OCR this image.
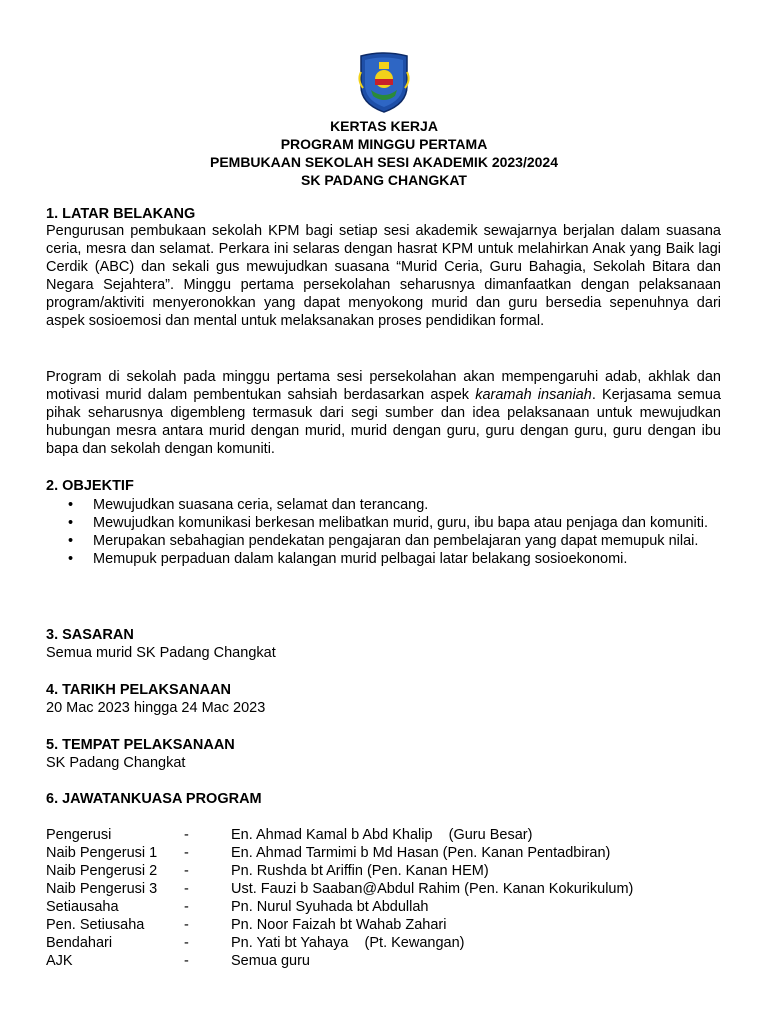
KERTAS KERJA
PROGRAM MINGGU PERTAMA
PEMBUKAAN SEKOLAH SESI AKADEMIK 2023/2024
SK PADANG CHANGKAT
1. LATAR BELAKANG
Pengurusan pembukaan sekolah KPM bagi setiap sesi akademik sewajarnya berjalan dalam suasana ceria, mesra dan selamat. Perkara ini selaras dengan hasrat KPM untuk melahirkan Anak yang Baik lagi Cerdik (ABC) dan sekali gus mewujudkan suasana “Murid Ceria, Guru Bahagia, Sekolah Bitara dan Negara Sejahtera”. Minggu pertama persekolahan seharusnya dimanfaatkan dengan pelaksanaan program/aktiviti menyeronokkan yang dapat menyokong murid dan guru bersedia sepenuhnya dari aspek sosioemosi dan mental untuk melaksanakan proses pendidikan formal.
Program di sekolah pada minggu pertama sesi persekolahan akan mempengaruhi adab, akhlak dan motivasi murid dalam pembentukan sahsiah berdasarkan aspek karamah insaniah. Kerjasama semua pihak seharusnya digembleng termasuk dari segi sumber dan idea pelaksanaan untuk mewujudkan hubungan mesra antara murid dengan murid, murid dengan guru, guru dengan guru, guru dengan ibu bapa dan sekolah dengan komuniti.
2. OBJEKTIF
• Mewujudkan suasana ceria, selamat dan terancang.
• Mewujudkan komunikasi berkesan melibatkan murid, guru, ibu bapa atau penjaga dan komuniti.
• Merupakan sebahagian pendekatan pengajaran dan pembelajaran yang dapat memupuk nilai.
• Memupuk perpaduan dalam kalangan murid pelbagai latar belakang sosioekonomi.
3. SASARAN
Semua murid SK Padang Changkat
4. TARIKH PELAKSANAAN
20 Mac 2023 hingga 24 Mac 2023
5. TEMPAT PELAKSANAAN
SK Padang Changkat
6. JAWATANKUASA PROGRAM
Pengerusi	-	En. Ahmad Kamal b Abd Khalip    (Guru Besar)
Naib Pengerusi 1	-	En. Ahmad Tarmimi b Md Hasan (Pen. Kanan Pentadbiran)
Naib Pengerusi 2	-	Pn. Rushda bt Ariffin (Pen. Kanan HEM)
Naib Pengerusi 3	-	Ust. Fauzi b Saaban@Abdul Rahim (Pen. Kanan Kokurikulum)
Setiausaha	-	Pn. Nurul Syuhada bt Abdullah
Pen. Setiusaha	-	Pn. Noor Faizah bt Wahab Zahari
Bendahari	-	Pn. Yati bt Yahaya    (Pt. Kewangan)
AJK	-	Semua guru
